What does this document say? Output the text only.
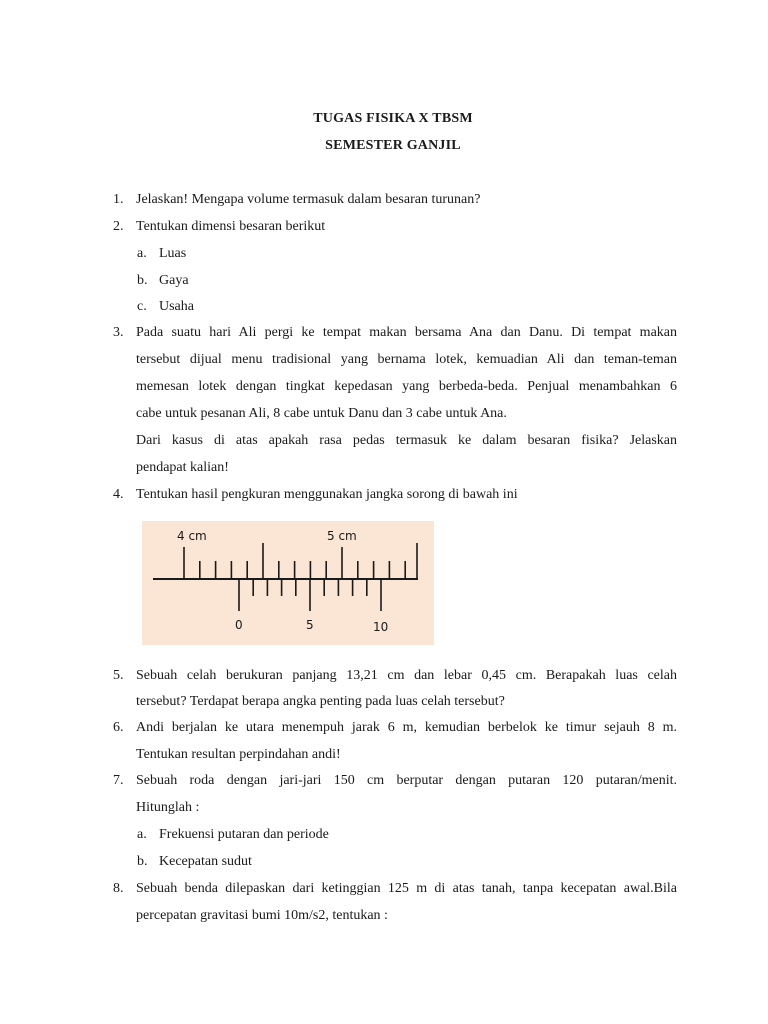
TUGAS FISIKA X TBSM
SEMESTER GANJIL
1. Jelaskan! Mengapa volume termasuk dalam besaran turunan?
2. Tentukan dimensi besaran berikut
a. Luas
b. Gaya
c. Usaha
3. Pada suatu hari Ali pergi ke tempat makan bersama Ana dan Danu. Di tempat makan
tersebut dijual menu tradisional yang bernama lotek, kemuadian Ali dan teman-teman
memesan lotek dengan tingkat kepedasan yang berbeda-beda. Penjual menambahkan 6
cabe untuk pesanan Ali, 8 cabe untuk Danu dan 3 cabe untuk Ana.
Dari kasus di atas apakah rasa pedas termasuk ke dalam besaran fisika? Jelaskan
pendapat kalian!
4. Tentukan hasil pengkuran menggunakan jangka sorong di bawah ini
4 cm	5 cm
0	5	10
5. Sebuah celah berukuran panjang 13,21 cm dan lebar 0,45 cm. Berapakah luas celah
tersebut? Terdapat berapa angka penting pada luas celah tersebut?
6. Andi berjalan ke utara menempuh jarak 6 m, kemudian berbelok ke timur sejauh 8 m.
Tentukan resultan perpindahan andi!
7. Sebuah roda dengan jari-jari 150 cm berputar dengan putaran 120 putaran/menit.
Hitunglah :
a. Frekuensi putaran dan periode
b. Kecepatan sudut
8. Sebuah benda dilepaskan dari ketinggian 125 m di atas tanah, tanpa kecepatan awal.Bila
percepatan gravitasi bumi 10m/s2, tentukan :
